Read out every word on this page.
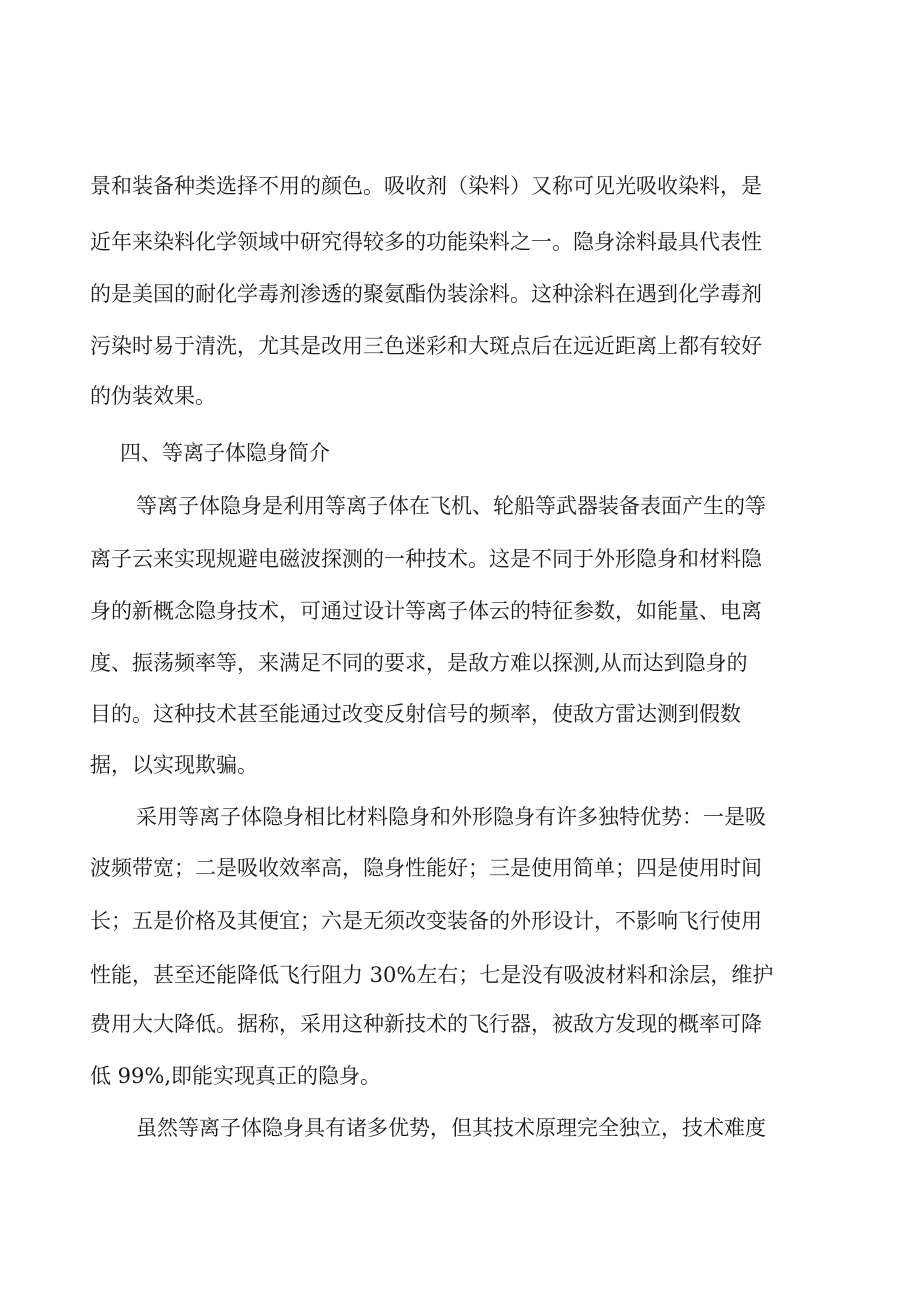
景和装备种类选择不用的颜色。吸收剂（染料）又称可见光吸收染料，是
近年来染料化学领域中研究得较多的功能染料之一。隐身涂料最具代表性
的是美国的耐化学毒剂渗透的聚氨酯伪装涂料。这种涂料在遇到化学毒剂
污染时易于清洗，尤其是改用三色迷彩和大斑点后在远近距离上都有较好
的伪装效果。
四、等离子体隐身简介
等离子体隐身是利用等离子体在飞机、轮船等武器装备表面产生的等
离子云来实现规避电磁波探测的一种技术。这是不同于外形隐身和材料隐
身的新概念隐身技术，可通过设计等离子体云的特征参数，如能量、电离
度、振荡频率等，来满足不同的要求，是敌方难以探测,从而达到隐身的
目的。这种技术甚至能通过改变反射信号的频率，使敌方雷达测到假数
据，以实现欺骗。
采用等离子体隐身相比材料隐身和外形隐身有许多独特优势：一是吸
波频带宽；二是吸收效率高，隐身性能好；三是使用简单；四是使用时间
长；五是价格及其便宜；六是无须改变装备的外形设计，不影响飞行使用
性能，甚至还能降低飞行阻力 30%左右；七是没有吸波材料和涂层，维护
费用大大降低。据称，采用这种新技术的飞行器，被敌方发现的概率可降
低 99%,即能实现真正的隐身。
虽然等离子体隐身具有诸多优势，但其技术原理完全独立，技术难度
